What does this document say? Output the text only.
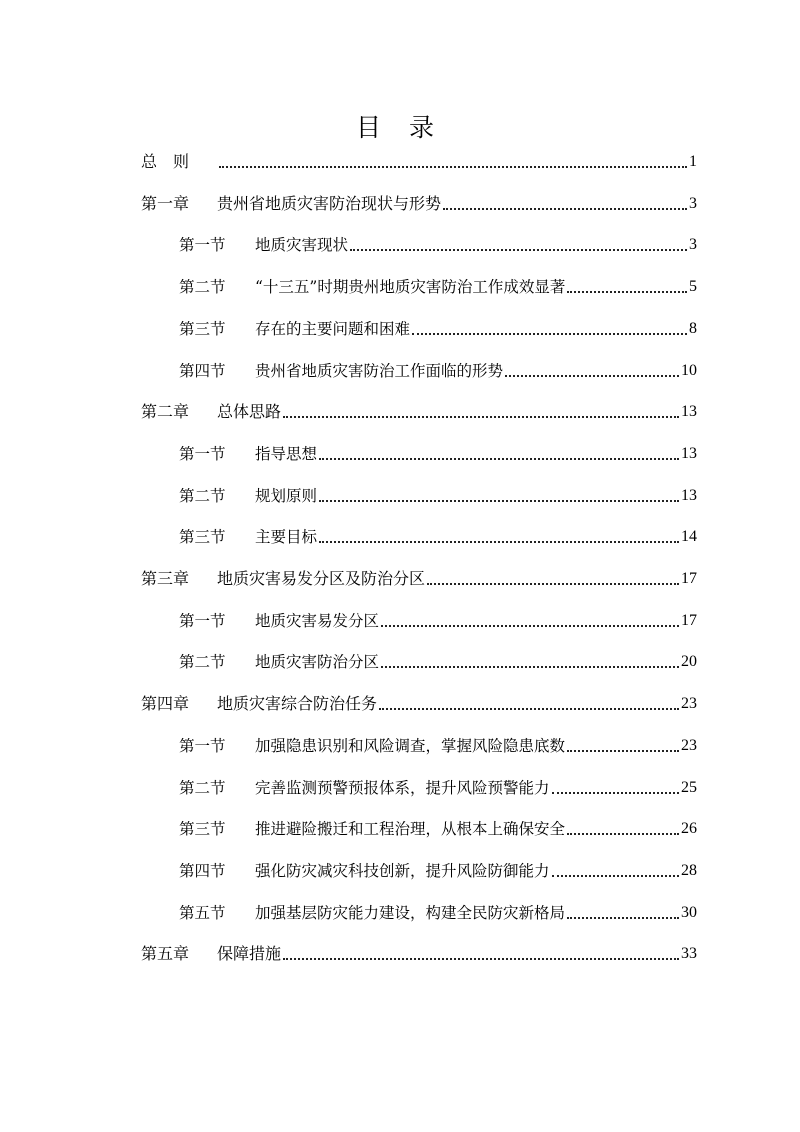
目 录
总　则	1
第一章	贵州省地质灾害防治现状与形势	3
第一节	地质灾害现状	3
第二节	“十三五”时期贵州地质灾害防治工作成效显著	5
第三节	存在的主要问题和困难	8
第四节	贵州省地质灾害防治工作面临的形势	10
第二章	总体思路	13
第一节	指导思想	13
第二节	规划原则	13
第三节	主要目标	14
第三章	地质灾害易发分区及防治分区	17
第一节	地质灾害易发分区	17
第二节	地质灾害防治分区	20
第四章	地质灾害综合防治任务	23
第一节	加强隐患识别和风险调查，掌握风险隐患底数	23
第二节	完善监测预警预报体系，提升风险预警能力	25
第三节	推进避险搬迁和工程治理，从根本上确保安全	26
第四节	强化防灾减灾科技创新，提升风险防御能力	28
第五节	加强基层防灾能力建设，构建全民防灾新格局	30
第五章	保障措施	33
